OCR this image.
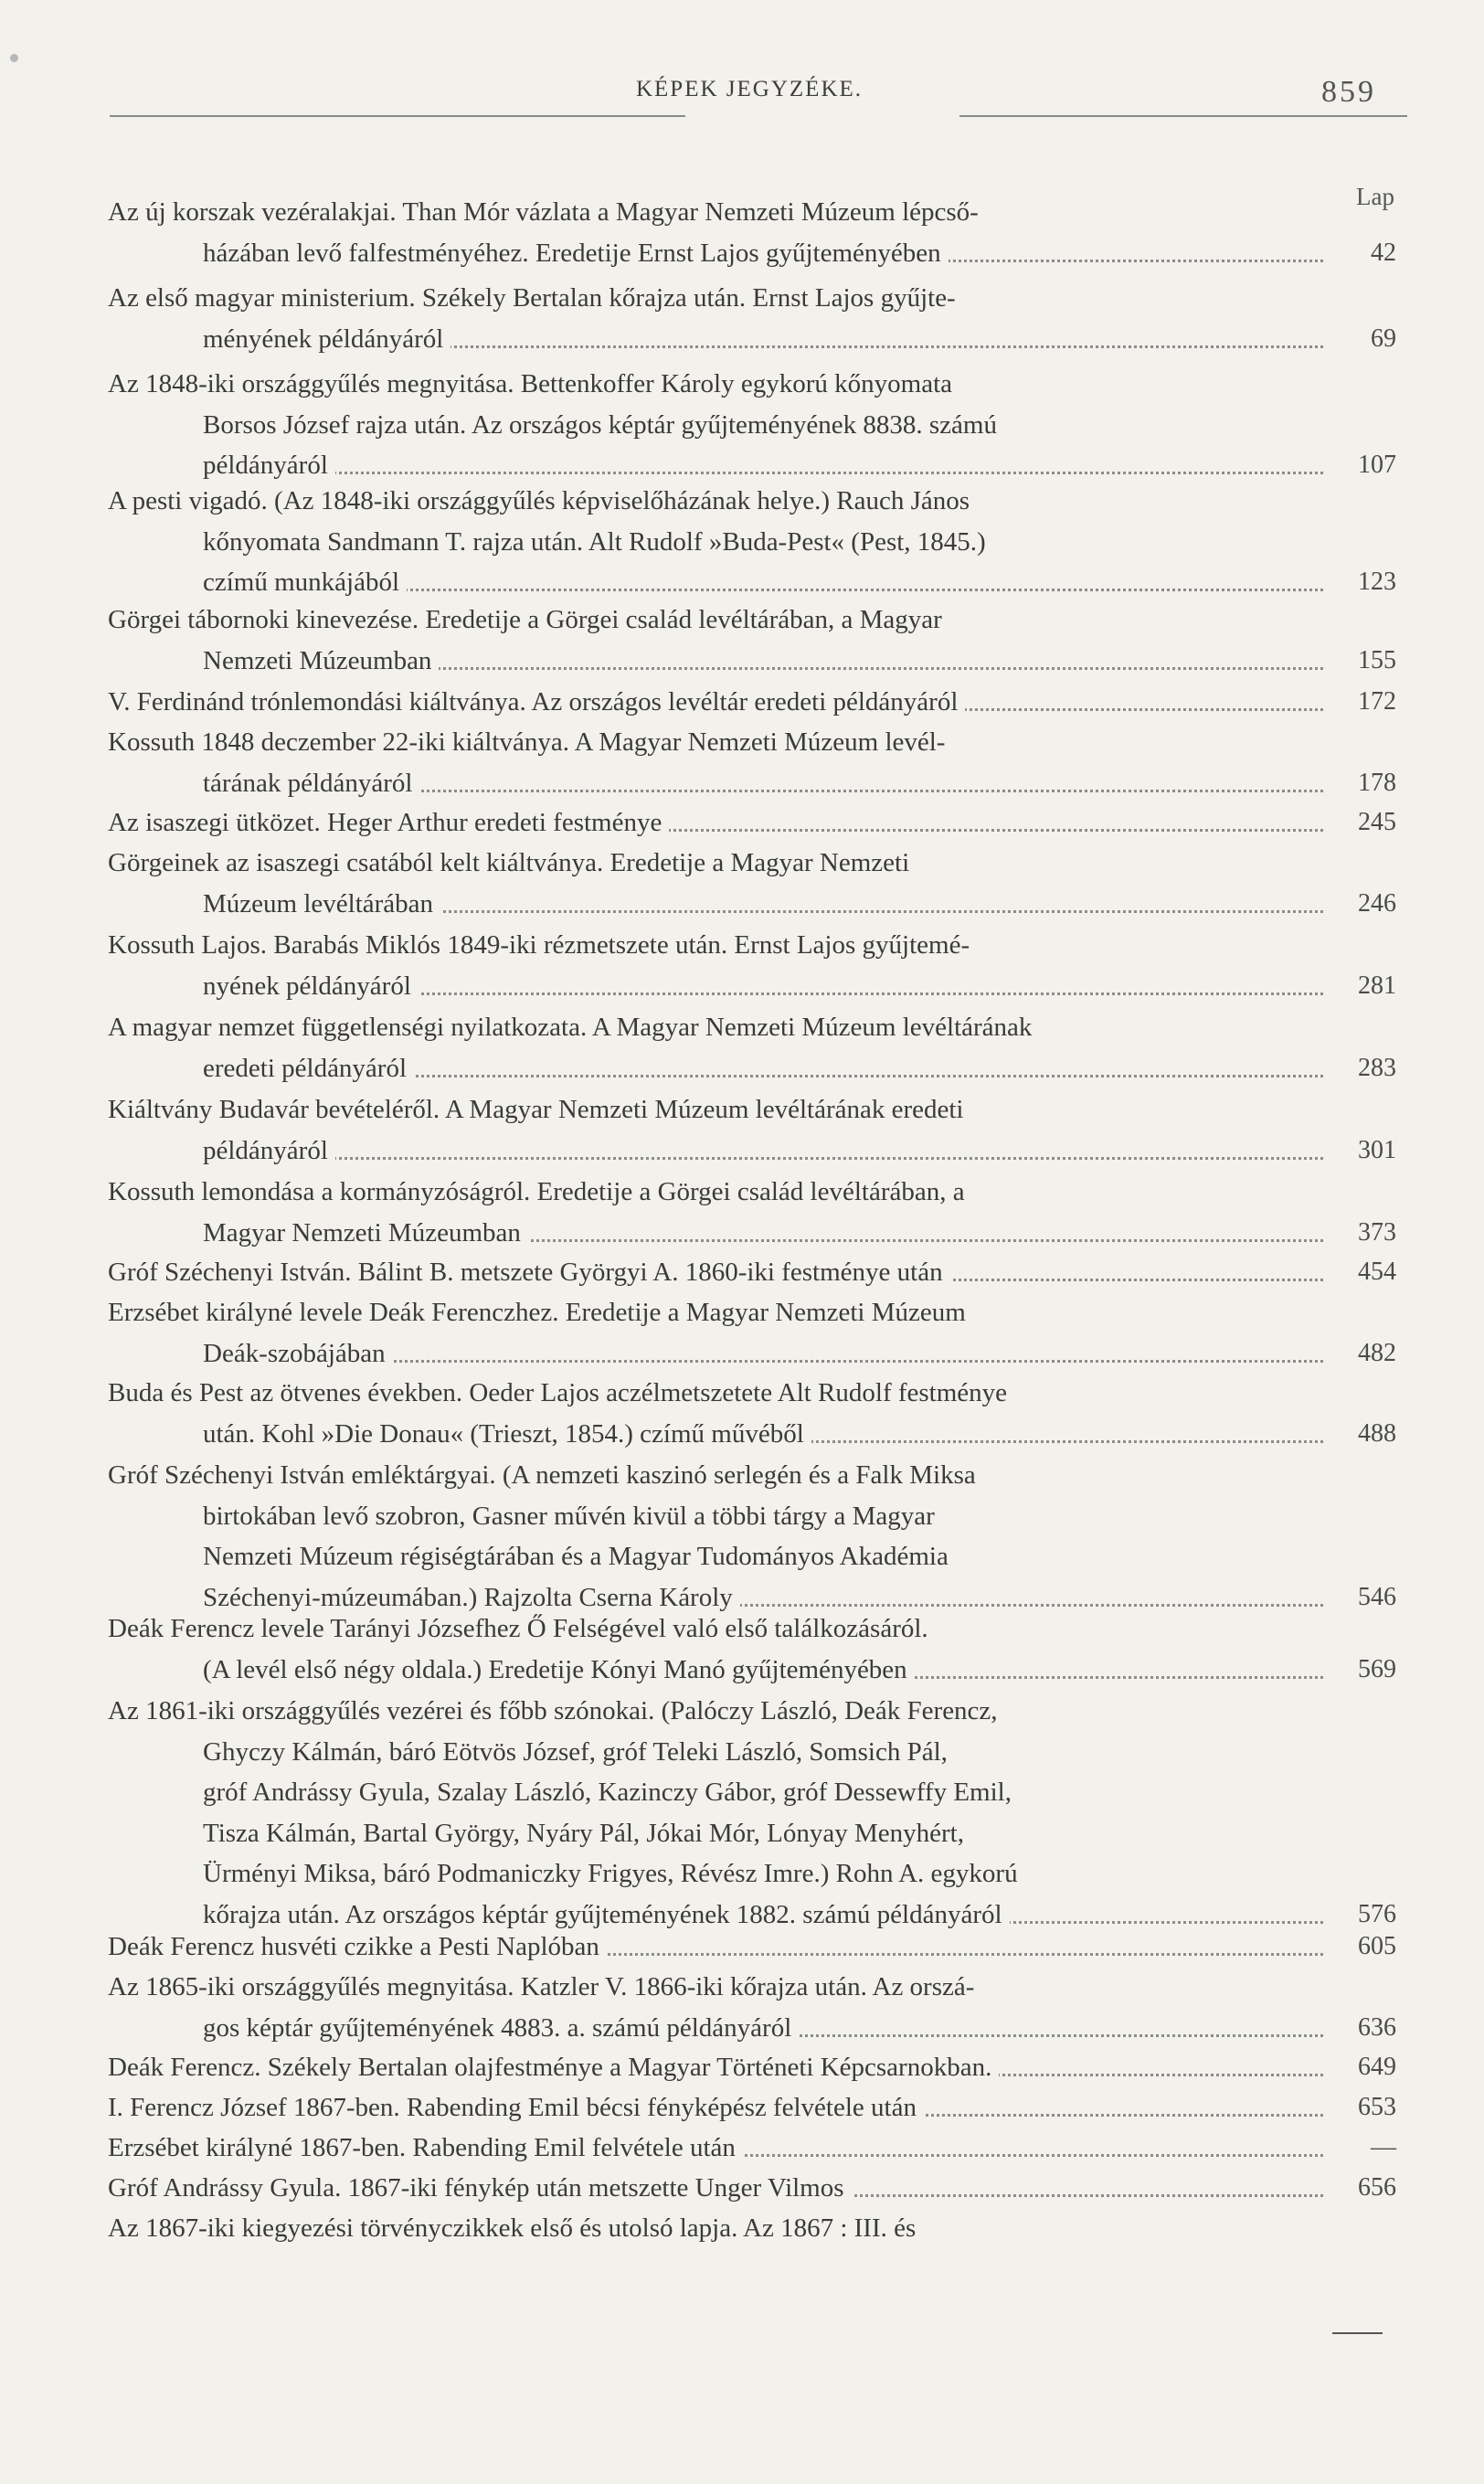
KÉPEK JEGYZÉKE.	859
Lap
Az új korszak vezéralakjai. Than Mór vázlata a Magyar Nemzeti Múzeum lépcső-
házában levő falfestményéhez. Eredetije Ernst Lajos gyűjteményében	42
Az első magyar ministerium. Székely Bertalan kőrajza után. Ernst Lajos gyűjte-
ményének példányáról	69
Az 1848-iki országgyűlés megnyitása. Bettenkoffer Károly egykorú kőnyomata
Borsos József rajza után. Az országos képtár gyűjteményének 8838. számú
példányáról	107
A pesti vigadó. (Az 1848-iki országgyűlés képviselőházának helye.) Rauch János
kőnyomata Sandmann T. rajza után. Alt Rudolf »Buda-Pest« (Pest, 1845.)
czímű munkájából	123
Görgei tábornoki kinevezése. Eredetije a Görgei család levéltárában, a Magyar
Nemzeti Múzeumban	155
V. Ferdinánd trónlemondási kiáltványa. Az országos levéltár eredeti példányáról	172
Kossuth 1848 deczember 22-iki kiáltványa. A Magyar Nemzeti Múzeum levél-
tárának példányáról	178
Az isaszegi ütközet. Heger Arthur eredeti festménye	245
Görgeinek az isaszegi csatából kelt kiáltványa. Eredetije a Magyar Nemzeti
Múzeum levéltárában	246
Kossuth Lajos. Barabás Miklós 1849-iki rézmetszete után. Ernst Lajos gyűjtemé-
nyének példányáról	281
A magyar nemzet függetlenségi nyilatkozata. A Magyar Nemzeti Múzeum levéltárának
eredeti példányáról	283
Kiáltvány Budavár bevételéről. A Magyar Nemzeti Múzeum levéltárának eredeti
példányáról	301
Kossuth lemondása a kormányzóságról. Eredetije a Görgei család levéltárában, a
Magyar Nemzeti Múzeumban	373
Gróf Széchenyi István. Bálint B. metszete Györgyi A. 1860-iki festménye után	454
Erzsébet királyné levele Deák Ferenczhez. Eredetije a Magyar Nemzeti Múzeum
Deák-szobájában	482
Buda és Pest az ötvenes években. Oeder Lajos aczélmetszetete Alt Rudolf festménye
után. Kohl »Die Donau« (Trieszt, 1854.) czímű művéből	488
Gróf Széchenyi István emléktárgyai. (A nemzeti kaszinó serlegén és a Falk Miksa
birtokában levő szobron, Gasner művén kivül a többi tárgy a Magyar
Nemzeti Múzeum régiségtárában és a Magyar Tudományos Akadémia
Széchenyi-múzeumában.) Rajzolta Cserna Károly	546
Deák Ferencz levele Tarányi Józsefhez Ő Felségével való első találkozásáról.
(A levél első négy oldala.) Eredetije Kónyi Manó gyűjteményében	569
Az 1861-iki országgyűlés vezérei és főbb szónokai. (Palóczy László, Deák Ferencz,
Ghyczy Kálmán, báró Eötvös József, gróf Teleki László, Somsich Pál,
gróf Andrássy Gyula, Szalay László, Kazinczy Gábor, gróf Dessewffy Emil,
Tisza Kálmán, Bartal György, Nyáry Pál, Jókai Mór, Lónyay Menyhért,
Ürményi Miksa, báró Podmaniczky Frigyes, Révész Imre.) Rohn A. egykorú
kőrajza után. Az országos képtár gyűjteményének 1882. számú példányáról	576
Deák Ferencz husvéti czikke a Pesti Naplóban	605
Az 1865-iki országgyűlés megnyitása. Katzler V. 1866-iki kőrajza után. Az orszá-
gos képtár gyűjteményének 4883. a. számú példányáról	636
Deák Ferencz. Székely Bertalan olajfestménye a Magyar Történeti Képcsarnokban.	649
I. Ferencz József 1867-ben. Rabending Emil bécsi fényképész felvétele után	653
Erzsébet királyné 1867-ben. Rabending Emil felvétele után	—
Gróf Andrássy Gyula. 1867-iki fénykép után metszette Unger Vilmos	656
Az 1867-iki kiegyezési törvényczikkek első és utolsó lapja. Az 1867 : III. és
